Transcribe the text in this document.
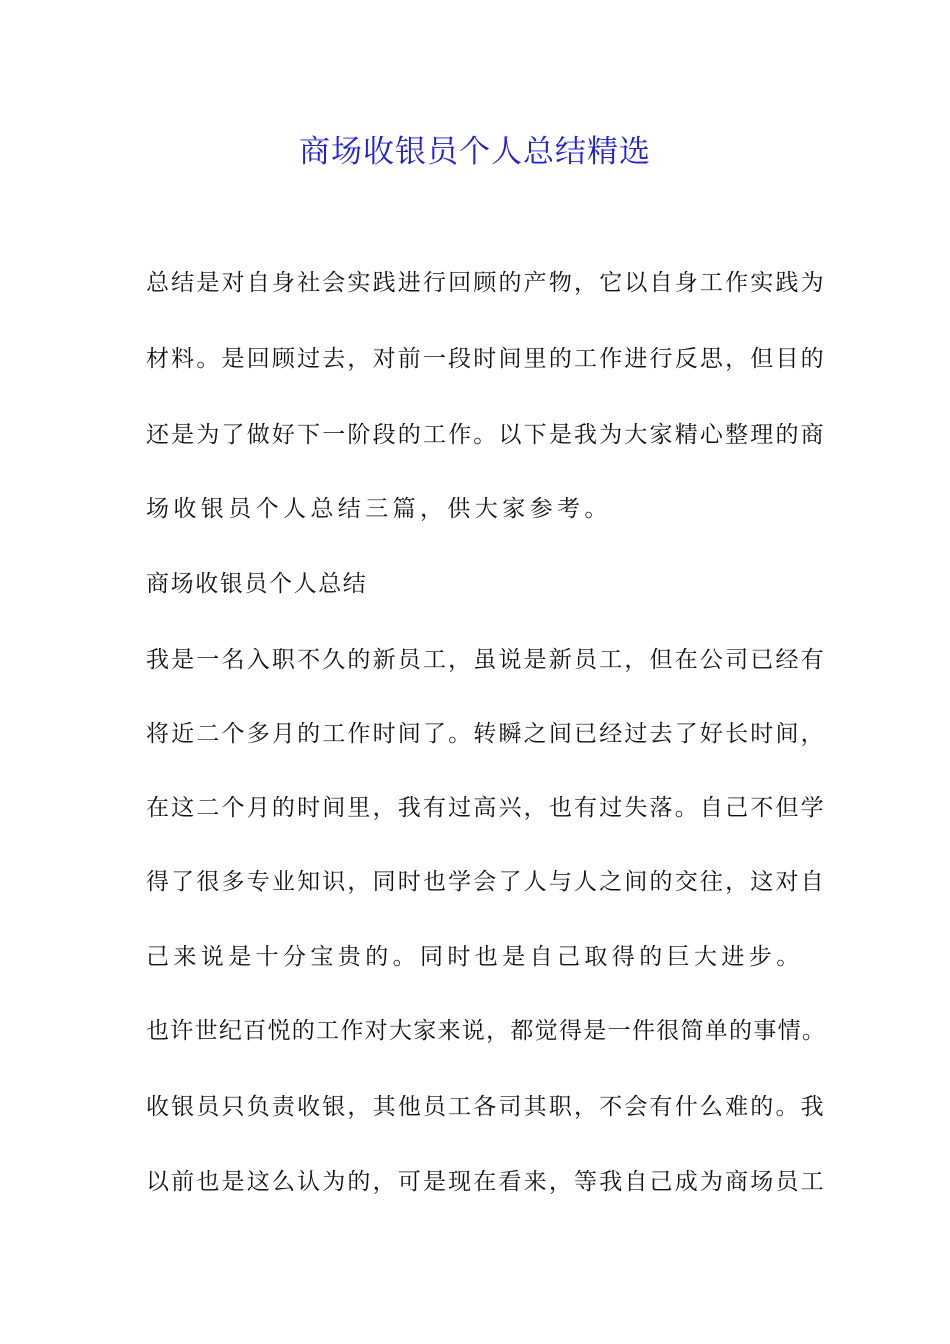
商场收银员个人总结精选
总结是对自身社会实践进行回顾的产物，它以自身工作实践为
材料。是回顾过去，对前一段时间里的工作进行反思，但目的
还是为了做好下一阶段的工作。以下是我为大家精心整理的商
场收银员个人总结三篇，供大家参考。
商场收银员个人总结
我是一名入职不久的新员工，虽说是新员工，但在公司已经有
将近二个多月的工作时间了。转瞬之间已经过去了好长时间，
在这二个月的时间里，我有过高兴，也有过失落。自己不但学
得了很多专业知识，同时也学会了人与人之间的交往，这对自
己来说是十分宝贵的。同时也是自己取得的巨大进步。
也许世纪百悦的工作对大家来说，都觉得是一件很简单的事情。
收银员只负责收银，其他员工各司其职，不会有什么难的。我
以前也是这么认为的，可是现在看来，等我自己成为商场员工
